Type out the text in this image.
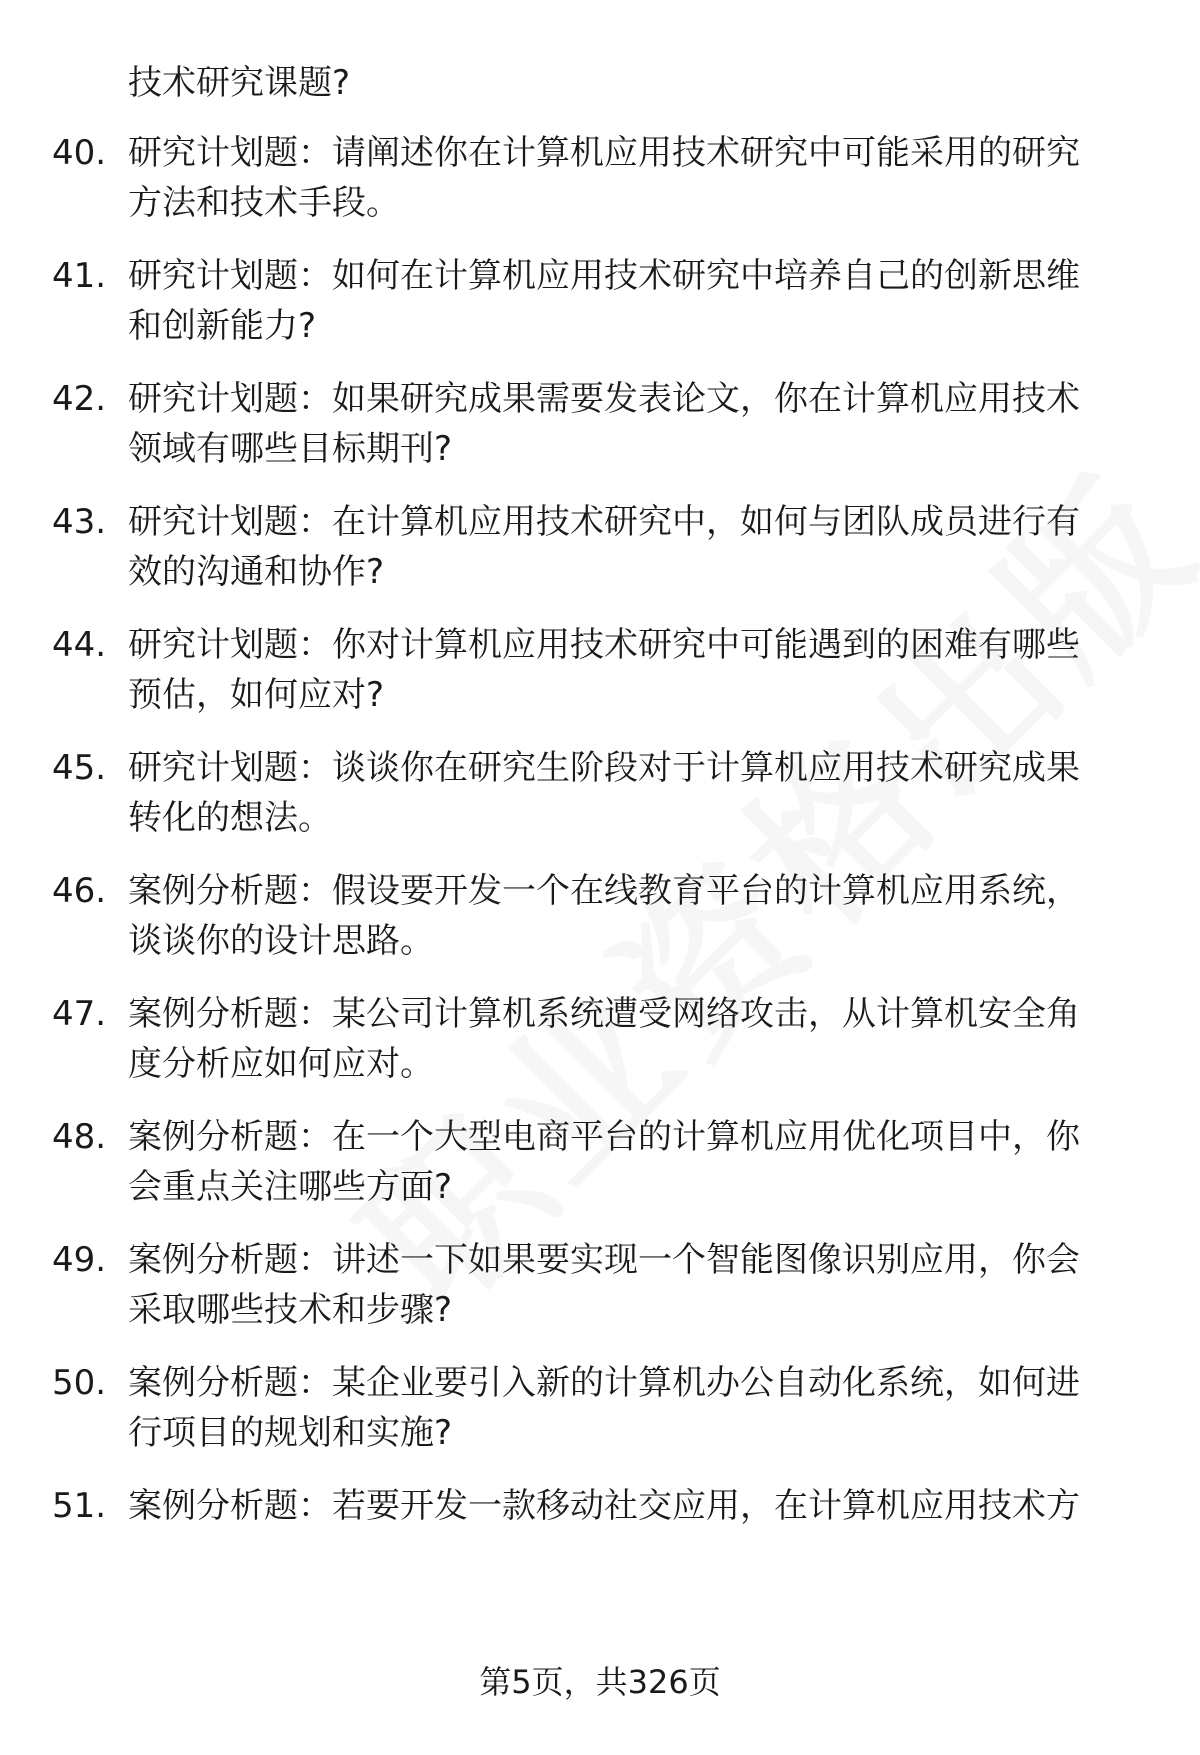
技术研究课题?
40. 研究计划题：请阐述你在计算机应用技术研究中可能采用的研究
方法和技术手段。
41. 研究计划题：如何在计算机应用技术研究中培养自己的创新思维
和创新能力?
42. 研究计划题：如果研究成果需要发表论文，你在计算机应用技术
领域有哪些目标期刊?
43. 研究计划题：在计算机应用技术研究中，如何与团队成员进行有
效的沟通和协作?
44. 研究计划题：你对计算机应用技术研究中可能遇到的困难有哪些
预估，如何应对?
45. 研究计划题：谈谈你在研究生阶段对于计算机应用技术研究成果
转化的想法。
46. 案例分析题：假设要开发一个在线教育平台的计算机应用系统，
谈谈你的设计思路。
47. 案例分析题：某公司计算机系统遭受网络攻击，从计算机安全角
度分析应如何应对。
48. 案例分析题：在一个大型电商平台的计算机应用优化项目中，你
会重点关注哪些方面?
49. 案例分析题：讲述一下如果要实现一个智能图像识别应用，你会
采取哪些技术和步骤?
50. 案例分析题：某企业要引入新的计算机办公自动化系统，如何进
行项目的规划和实施?
51. 案例分析题：若要开发一款移动社交应用，在计算机应用技术方
第5页，共326页
